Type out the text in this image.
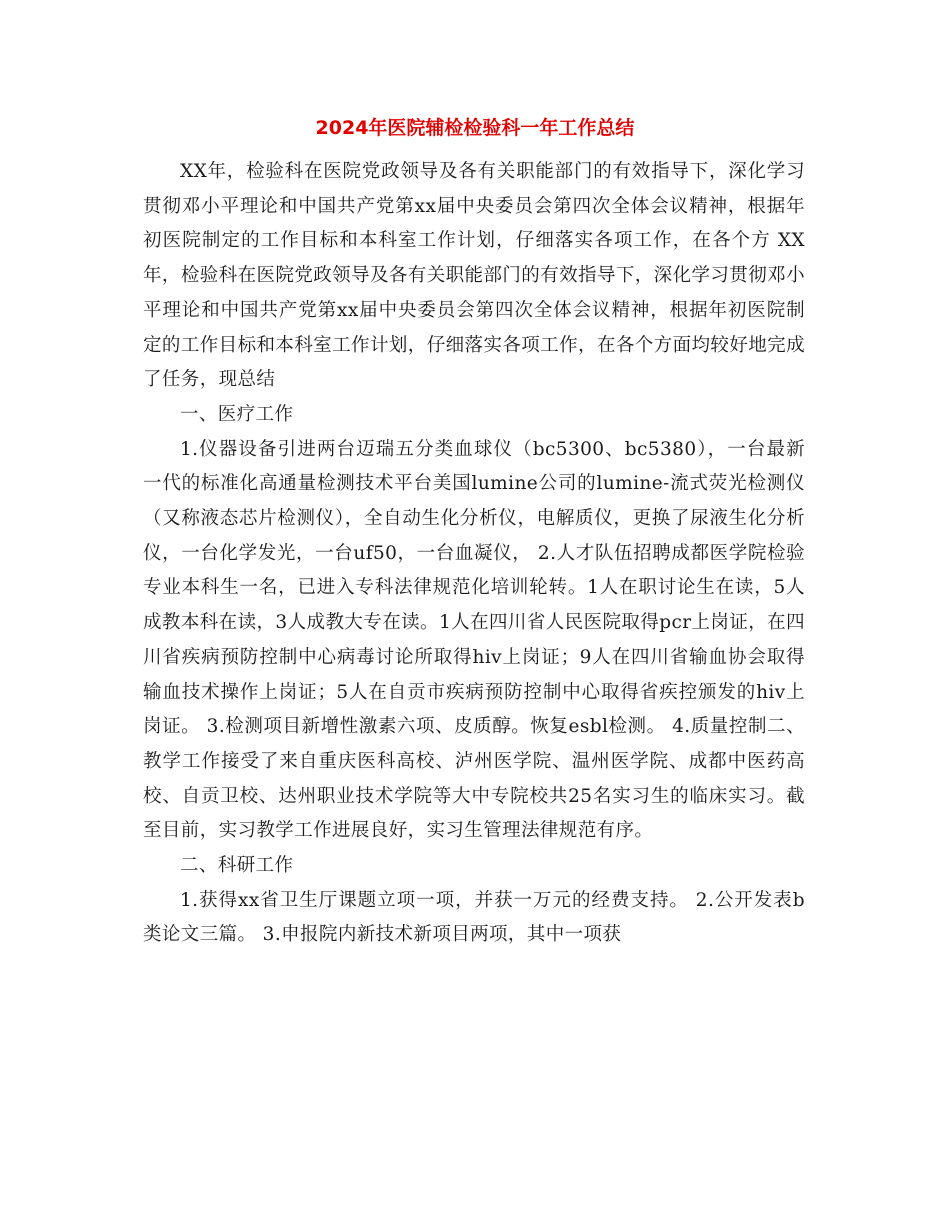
2024年医院辅检检验科一年工作总结

XX年，检验科在医院党政领导及各有关职能部门的有效指导下，深化学习贯彻邓小平理论和中国共产党第xx届中央委员会第四次全体会议精神，根据年初医院制定的工作目标和本科室工作计划，仔细落实各项工作，在各个方 XX年，检验科在医院党政领导及各有关职能部门的有效指导下，深化学习贯彻邓小平理论和中国共产党第xx届中央委员会第四次全体会议精神，根据年初医院制定的工作目标和本科室工作计划，仔细落实各项工作，在各个方面均较好地完成了任务，现总结

一、医疗工作

1.仪器设备引进两台迈瑞五分类血球仪（bc5300、bc5380），一台最新一代的标准化高通量检测技术平台美国lumine公司的lumine-流式荧光检测仪（又称液态芯片检测仪），全自动生化分析仪，电解质仪，更换了尿液生化分析仪，一台化学发光，一台uf50，一台血凝仪， 2.人才队伍招聘成都医学院检验专业本科生一名，已进入专科法律规范化培训轮转。1人在职讨论生在读，5人成教本科在读，3人成教大专在读。1人在四川省人民医院取得pcr上岗证，在四川省疾病预防控制中心病毒讨论所取得hiv上岗证；9人在四川省输血协会取得输血技术操作上岗证；5人在自贡市疾病预防控制中心取得省疾控颁发的hiv上岗证。 3.检测项目新增性激素六项、皮质醇。恢复esbl检测。 4.质量控制二、教学工作接受了来自重庆医科高校、泸州医学院、温州医学院、成都中医药高校、自贡卫校、达州职业技术学院等大中专院校共25名实习生的临床实习。截至目前，实习教学工作进展良好，实习生管理法律规范有序。

二、科研工作

1.获得xx省卫生厅课题立项一项，并获一万元的经费支持。 2.公开发表b类论文三篇。 3.申报院内新技术新项目两项，其中一项获
